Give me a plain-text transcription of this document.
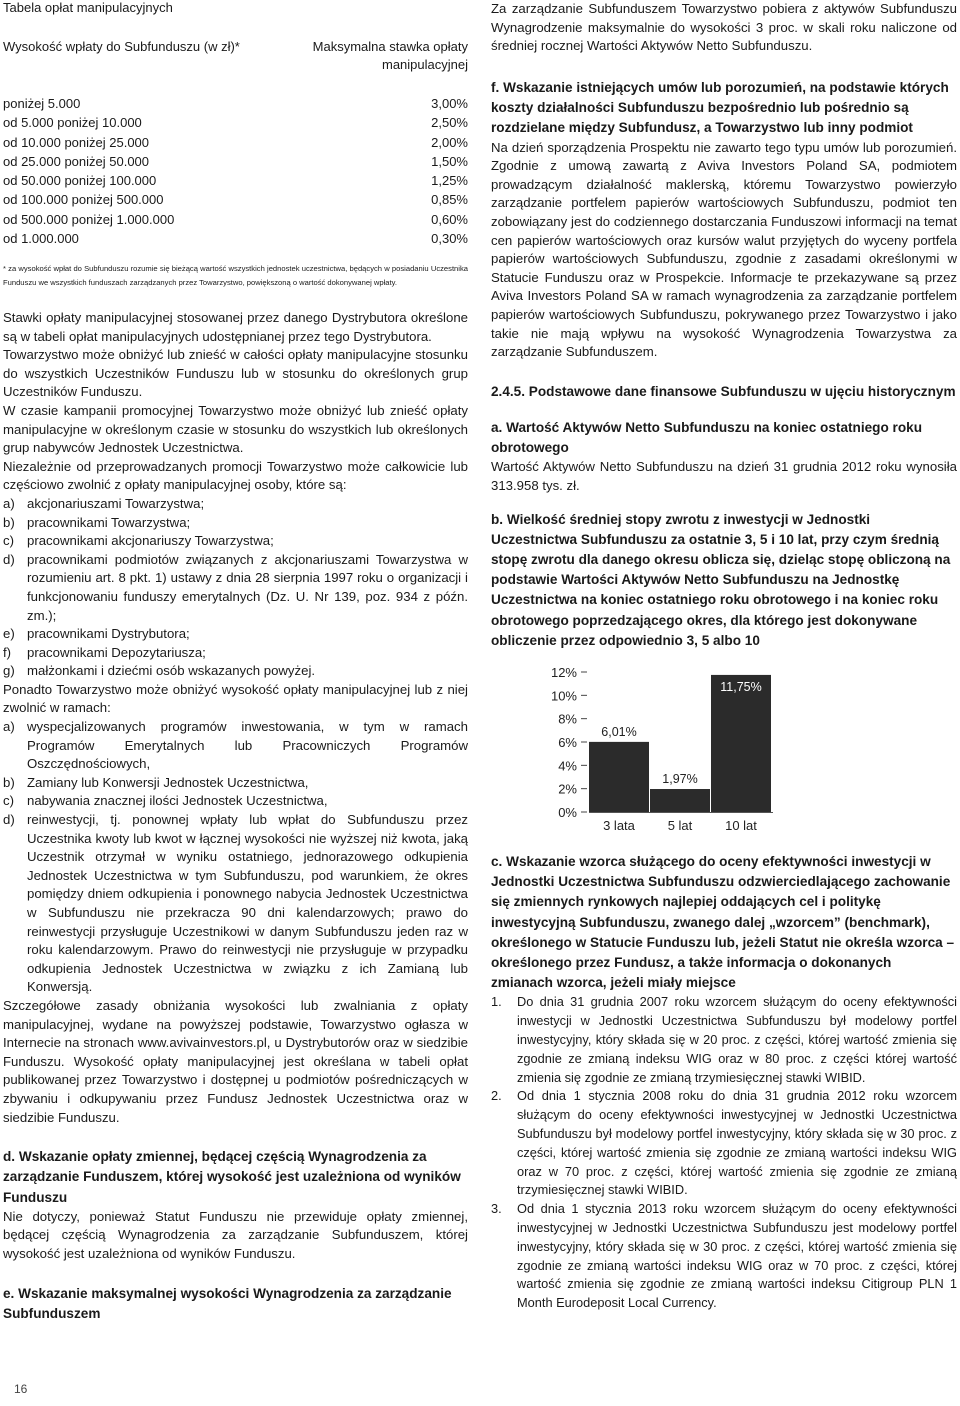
Tabela opłat manipulacyjnych
Wysokość wpłaty do Subfunduszu (w zł)*	Maksymalna stawka opłaty manipulacyjnej
poniżej 5.000	3,00%
od 5.000 poniżej 10.000	2,50%
od 10.000 poniżej 25.000	2,00%
od 25.000 poniżej 50.000	1,50%
od 50.000 poniżej 100.000	1,25%
od 100.000 poniżej 500.000	0,85%
od 500.000 poniżej 1.000.000	0,60%
od 1.000.000	0,30%
* za wysokość wpłat do Subfunduszu rozumie się bieżącą wartość wszystkich jednostek uczestnictwa, będących w posiadaniu Uczestnika Funduszu we wszystkich funduszach zarządzanych przez Towarzystwo, powiększoną o wartość dokonywanej wpłaty.

Stawki opłaty manipulacyjnej stosowanej przez danego Dystrybutora określone są w tabeli opłat manipulacyjnych udostępnianej przez tego Dystrybutora.

Towarzystwo może obniżyć lub znieść w całości opłaty manipulacyjne stosunku do wszystkich Uczestników Funduszu lub w stosunku do określonych grup Uczestników Funduszu.

W czasie kampanii promocyjnej Towarzystwo może obniżyć lub znieść opłaty manipulacyjne w określonym czasie w stosunku do wszystkich lub określonych grup nabywców Jednostek Uczestnictwa.

Niezależnie od przeprowadzanych promocji Towarzystwo może całkowicie lub częściowo zwolnić z opłaty manipulacyjnej osoby, które są:

a) akcjonariuszami Towarzystwa;
b) pracownikami Towarzystwa;
c) pracownikami akcjonariuszy Towarzystwa;
d) pracownikami podmiotów związanych z akcjonariuszami Towarzystwa w rozumieniu art. 8 pkt. 1) ustawy z dnia 28 sierpnia 1997 roku o organizacji i funkcjonowaniu funduszy emerytalnych (Dz. U. Nr 139, poz. 934 z późn. zm.);
e) pracownikami Dystrybutora;
f) pracownikami Depozytariusza;
g) małżonkami i dziećmi osób wskazanych powyżej.

Ponadto Towarzystwo może obniżyć wysokość opłaty manipulacyjnej lub z niej zwolnić w ramach:

a) wyspecjalizowanych programów inwestowania, w tym w ramach Programów Emerytalnych lub Pracowniczych Programów Oszczędnościowych,
b) Zamiany lub Konwersji Jednostek Uczestnictwa,
c) nabywania znacznej ilości Jednostek Uczestnictwa,
d) reinwestycji, tj. ponownej wpłaty lub wpłat do Subfunduszu przez Uczestnika kwoty lub kwot w łącznej wysokości nie wyższej niż kwota, jaką Uczestnik otrzymał w wyniku ostatniego, jednorazowego odkupienia Jednostek Uczestnictwa w tym Subfunduszu, pod warunkiem, że okres pomiędzy dniem odkupienia i ponownego nabycia Jednostek Uczestnictwa w Subfunduszu nie przekracza 90 dni kalendarzowych; prawo do reinwestycji przysługuje Uczestnikowi w danym Subfunduszu jeden raz w roku kalendarzowym. Prawo do reinwestycji nie przysługuje w przypadku odkupienia Jednostek Uczestnictwa w związku z ich Zamianą lub Konwersją.

Szczegółowe zasady obniżania wysokości lub zwalniania z opłaty manipulacyjnej, wydane na powyższej podstawie, Towarzystwo ogłasza w Internecie na stronach www.avivainvestors.pl, u Dystrybutorów oraz w siedzibie Funduszu. Wysokość opłaty manipulacyjnej jest określana w tabeli opłat publikowanej przez Towarzystwo i dostępnej u podmiotów pośredniczących w zbywaniu i odkupywaniu przez Fundusz Jednostek Uczestnictwa oraz w siedzibie Funduszu.

d. Wskazanie opłaty zmiennej, będącej częścią Wynagrodzenia za zarządzanie Funduszem, której wysokość jest uzależniona od wyników Funduszu

Nie dotyczy, ponieważ Statut Funduszu nie przewiduje opłaty zmiennej, będącej częścią Wynagrodzenia za zarządzanie Subfunduszem, której wysokość jest uzależniona od wyników Funduszu.

e. Wskazanie maksymalnej wysokości Wynagrodzenia za zarządzanie Subfunduszem

Za zarządzanie Subfunduszem Towarzystwo pobiera z aktywów Subfunduszu Wynagrodzenie maksymalnie do wysokości 3 proc. w skali roku naliczone od średniej rocznej Wartości Aktywów Netto Subfunduszu.

f. Wskazanie istniejących umów lub porozumień, na podstawie których koszty działalności Subfunduszu bezpośrednio lub pośrednio są rozdzielane między Subfundusz, a Towarzystwo lub inny podmiot

Na dzień sporządzenia Prospektu nie zawarto tego typu umów lub porozumień. Zgodnie z umową zawartą z Aviva Investors Poland SA, podmiotem prowadzącym działalność maklerską, któremu Towarzystwo powierzyło zarządzanie portfelem papierów wartościowych Subfunduszu, podmiot ten zobowiązany jest do codziennego dostarczania Funduszowi informacji na temat cen papierów wartościowych oraz kursów walut przyjętych do wyceny portfela papierów wartościowych Subfunduszu, zgodnie z zasadami określonymi w Statucie Funduszu oraz w Prospekcie. Informacje te przekazywane są przez Aviva Investors Poland SA w ramach wynagrodzenia za zarządzanie portfelem papierów wartościowych Subfunduszu, pokrywanego przez Towarzystwo i jako takie nie mają wpływu na wysokość Wynagrodzenia Towarzystwa za zarządzanie Subfunduszem.

2.4.5. Podstawowe dane finansowe Subfunduszu w ujęciu historycznym

a. Wartość Aktywów Netto Subfunduszu na koniec ostatniego roku obrotowego

Wartość Aktywów Netto Subfunduszu na dzień 31 grudnia 2012 roku wynosiła 313.958 tys. zł.

b. Wielkość średniej stopy zwrotu z inwestycji w Jednostki Uczestnictwa Subfunduszu za ostatnie 3, 5 i 10 lat, przy czym średnią stopę zwrotu dla danego okresu oblicza się, dzieląc stopę obliczoną na podstawie Wartości Aktywów Netto Subfunduszu na Jednostkę Uczestnictwa na koniec ostatniego roku obrotowego i na koniec roku obrotowego poprzedzającego okres, dla którego jest dokonywane obliczenie przez odpowiednio 3, 5 albo 10

0%
2%
4%
6%
8%
10%
12%
6,01%
3 lata
1,97%
5 lat
11,75%
10 lat

c. Wskazanie wzorca służącego do oceny efektywności inwestycji w Jednostki Uczestnictwa Subfunduszu odzwierciedlającego zachowanie się zmiennych rynkowych najlepiej oddających cel i politykę inwestycyjną Subfunduszu, zwanego dalej „wzorcem” (benchmark), określonego w Statucie Funduszu lub, jeżeli Statut nie określa wzorca – określonego przez Fundusz, a także informacja o dokonanych zmianach wzorca, jeżeli miały miejsce

1. Do dnia 31 grudnia 2007 roku wzorcem służącym do oceny efektywności inwestycji w Jednostki Uczestnictwa Subfunduszu był modelowy portfel inwestycyjny, który składa się w 20 proc. z części, której wartość zmienia się zgodnie ze zmianą indeksu WIG oraz w 80 proc. z części której wartość zmienia się zgodnie ze zmianą trzymiesięcznej stawki WIBID.
2. Od dnia 1 stycznia 2008 roku do dnia 31 grudnia 2012 roku wzorcem służącym do oceny efektywności inwestycyjnej w Jednostki Uczestnictwa Subfunduszu był modelowy portfel inwestycyjny, który składa się w 30 proc. z części, której wartość zmienia się zgodnie ze zmianą wartości indeksu WIG oraz w 70 proc. z części, której wartość zmienia się zgodnie ze zmianą trzymiesięcznej stawki WIBID.
3. Od dnia 1 stycznia 2013 roku wzorcem służącym do oceny efektywności inwestycyjnej w Jednostki Uczestnictwa Subfunduszu jest modelowy portfel inwestycyjny, który składa się w 30 proc. z części, której wartość zmienia się zgodnie ze zmianą wartości indeksu WIG oraz w 70 proc. z części, której wartość zmienia się zgodnie ze zmianą wartości indeksu Citigroup PLN 1 Month Eurodeposit Local Currency.
16
